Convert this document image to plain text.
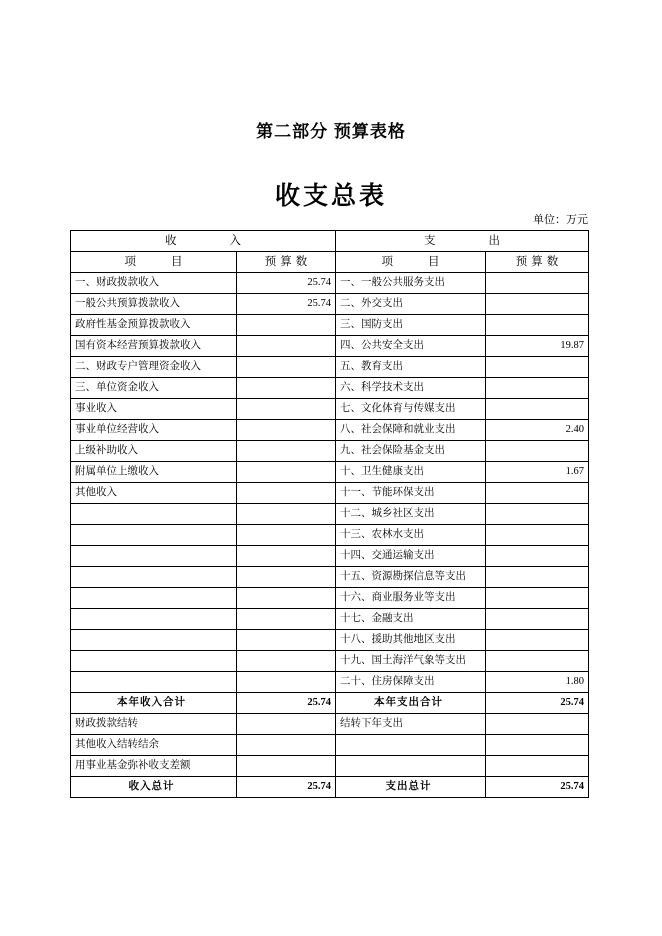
第二部分 预算表格
收支总表
单位：万元
收　　入		支　　出	
项　　目	预算数	项　　目	预算数
一、财政拨款收入	25.74	一、一般公共服务支出	
一般公共预算拨款收入	25.74	二、外交支出	
政府性基金预算拨款收入		三、国防支出	
国有资本经营预算拨款收入		四、公共安全支出	19.87
二、财政专户管理资金收入		五、教育支出	
三、单位资金收入		六、科学技术支出	
事业收入		七、文化体育与传媒支出	
事业单位经营收入		八、社会保障和就业支出	2.40
上级补助收入		九、社会保险基金支出	
附属单位上缴收入		十、卫生健康支出	1.67
其他收入		十一、节能环保支出	
		十二、城乡社区支出	
		十三、农林水支出	
		十四、交通运输支出	
		十五、资源勘探信息等支出	
		十六、商业服务业等支出	
		十七、金融支出	
		十八、援助其他地区支出	
		十九、国土海洋气象等支出	
		二十、住房保障支出	1.80
本年收入合计	25.74	本年支出合计	25.74
财政拨款结转		结转下年支出	
其他收入结转结余			
用事业基金弥补收支差额			
收入总计	25.74	支出总计	25.74
